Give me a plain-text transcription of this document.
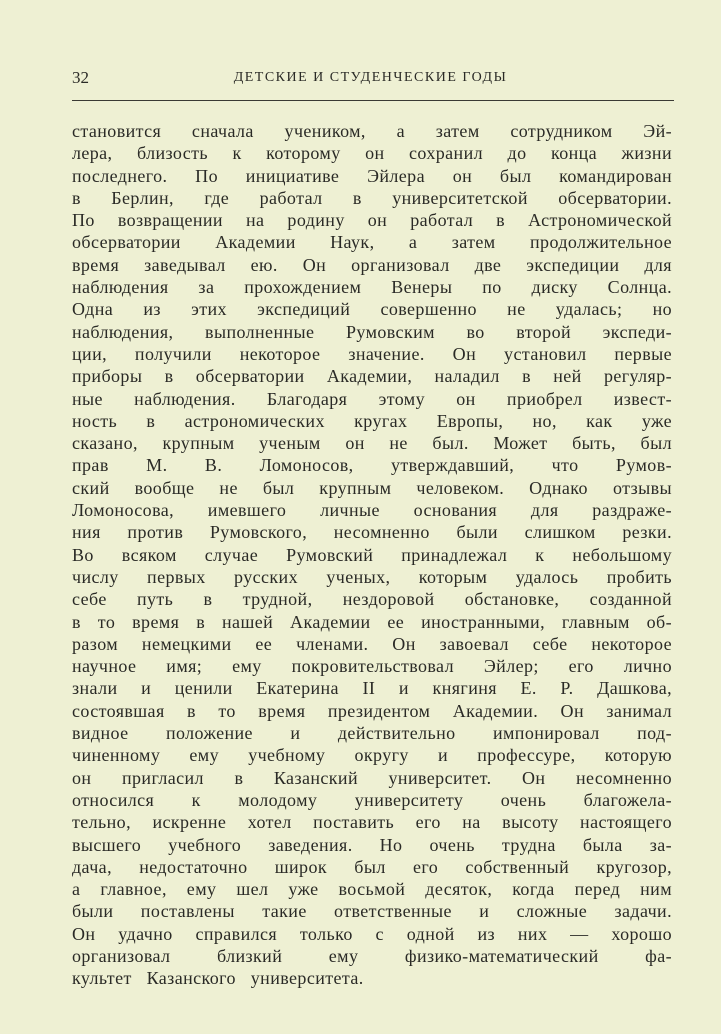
32	ДЕТСКИЕ И СТУДЕНЧЕСКИЕ ГОДЫ
становится сначала учеником, а затем сотрудником Эй-
лера, близость к которому он сохранил до конца жизни
последнего. По инициативе Эйлера он был командирован
в Берлин, где работал в университетской обсерватории.
По возвращении на родину он работал в Астрономической
обсерватории Академии Наук, а затем продолжительное
время заведывал ею. Он организовал две экспедиции для
наблюдения за прохождением Венеры по диску Солнца.
Одна из этих экспедиций совершенно не удалась; но
наблюдения, выполненные Румовским во второй экспеди-
ции, получили некоторое значение. Он установил первые
приборы в обсерватории Академии, наладил в ней регуляр-
ные наблюдения. Благодаря этому он приобрел извест-
ность в астрономических кругах Европы, но, как уже
сказано, крупным ученым он не был. Может быть, был
прав М. В. Ломоносов, утверждавший, что Румов-
ский вообще не был крупным человеком. Однако отзывы
Ломоносова, имевшего личные основания для раздраже-
ния против Румовского, несомненно были слишком резки.
Во всяком случае Румовский принадлежал к небольшому
числу первых русских ученых, которым удалось пробить
себе путь в трудной, нездоровой обстановке, созданной
в то время в нашей Академии ее иностранными, главным об-
разом немецкими ее членами. Он завоевал себе некоторое
научное имя; ему покровительствовал Эйлер; его лично
знали и ценили Екатерина II и княгиня Е. Р. Дашкова,
состоявшая в то время президентом Академии. Он занимал
видное положение и действительно импонировал под-
чиненному ему учебному округу и профессуре, которую
он пригласил в Казанский университет. Он несомненно
относился к молодому университету очень благожела-
тельно, искренне хотел поставить его на высоту настоящего
высшего учебного заведения. Но очень трудна была за-
дача, недостаточно широк был его собственный кругозор,
а главное, ему шел уже восьмой десяток, когда перед ним
были поставлены такие ответственные и сложные задачи.
Он удачно справился только с одной из них — хорошо
организовал близкий ему физико-математический фа-
культет Казанского университета.
